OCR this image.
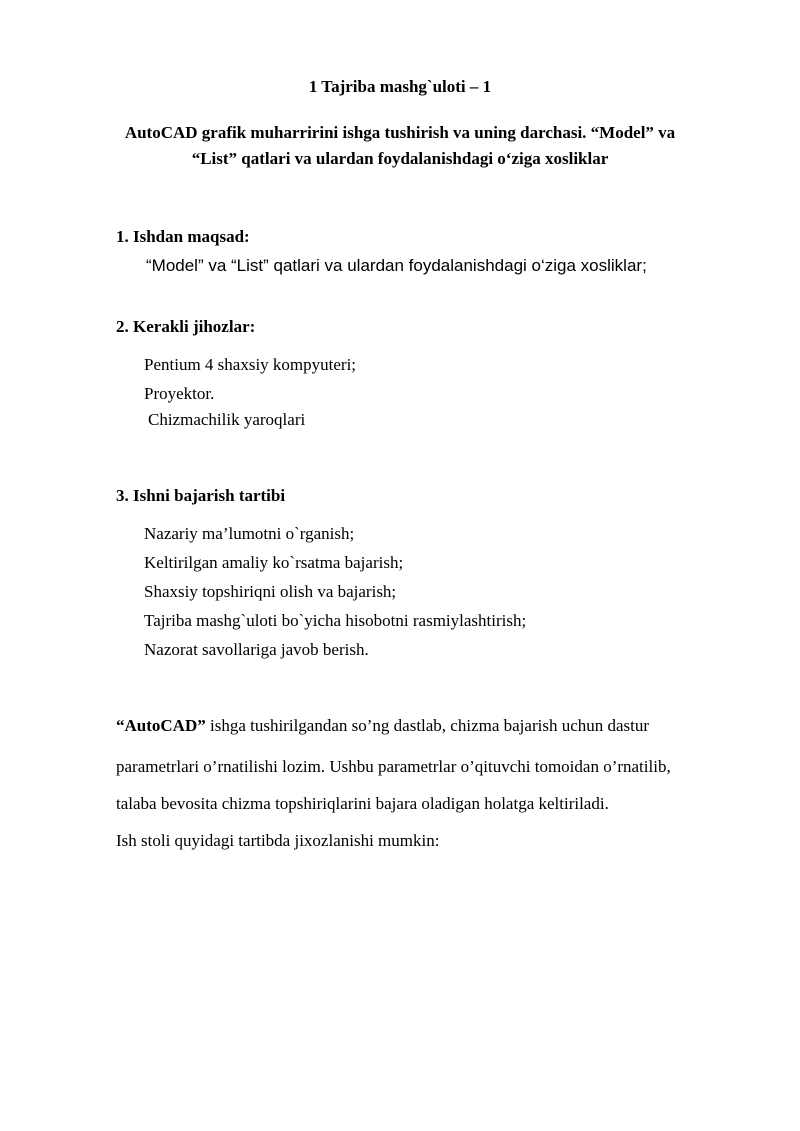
1 Tajriba mashg`uloti – 1
AutoCAD grafik muharririni ishga tushirish va uning darchasi. “Model” va
“List” qatlari va ulardan foydalanishdagi o‘ziga xosliklar
1. Ishdan maqsad:
“Model” va “List” qatlari va ulardan foydalanishdagi o‘ziga xosliklar;
2. Kerakli jihozlar:
Pentium 4 shaxsiy kompyuteri;
Proyektor.
Chizmachilik yaroqlari
3. Ishni bajarish tartibi
Nazariy ma’lumotni o`rganish;
Keltirilgan amaliy ko`rsatma bajarish;
Shaxsiy topshiriqni olish va bajarish;
Tajriba mashg`uloti bo`yicha hisobotni rasmiylashtirish;
Nazorat savollariga javob berish.
“AutoCAD” ishga tushirilgandan so’ng dastlab, chizma bajarish uchun dastur
parametrlari o’rnatilishi lozim. Ushbu parametrlar o’qituvchi tomoidan o’rnatilib,
talaba bevosita chizma topshiriqlarini bajara oladigan holatga keltiriladi.
Ish stoli quyidagi tartibda jixozlanishi mumkin:
